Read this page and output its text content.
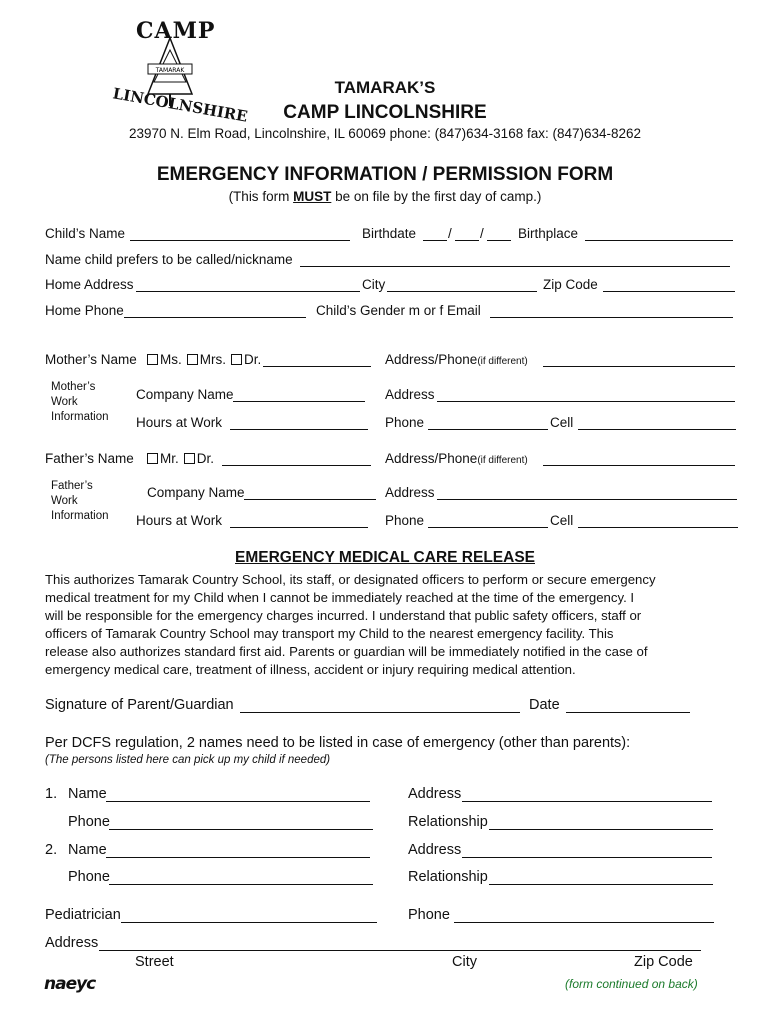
TAMARAK
CAMP
LINCOLNSHIRE	TAMARAK’S
CAMP LINCOLNSHIRE
23970 N. Elm Road, Lincolnshire, IL 60069 phone: (847)634-3168 fax: (847)634-8262
EMERGENCY INFORMATION / PERMISSION FORM
(This form MUST be on file by the first day of camp.)
Child’s Name	Birthdate / /	Birthplace
Name child prefers to be called/nickname
Home Address	City	Zip Code
Home Phone	Child’s Gender m or f Email
Mother’s Name	Ms. Mrs. Dr.	Address/Phone(if different)
Mother’s
Work
Information
Company Name	Address
Hours at Work	Phone	Cell
Father’s Name	Mr. Dr.	Address/Phone(if different)
Father’s
Work
Information
Company Name	Address
Hours at Work	Phone	Cell
EMERGENCY MEDICAL CARE RELEASE
This authorizes Tamarak Country School, its staff, or designated officers to perform or secure emergency
medical treatment for my Child when I cannot be immediately reached at the time of the emergency. I
will be responsible for the emergency charges incurred. I understand that public safety officers, staff or
officers of Tamarak Country School may transport my Child to the nearest emergency facility. This
release also authorizes standard first aid. Parents or guardian will be immediately notified in the case of
emergency medical care, treatment of illness, accident or injury requiring medical attention.
Signature of Parent/Guardian	Date
Per DCFS regulation, 2 names need to be listed in case of emergency (other than parents):
(The persons listed here can pick up my child if needed)
1. Name	Address
Phone	Relationship
2. Name	Address
Phone	Relationship
Pediatrician	Phone
Address
Street	City	Zip Code
naeyc	(form continued on back)
